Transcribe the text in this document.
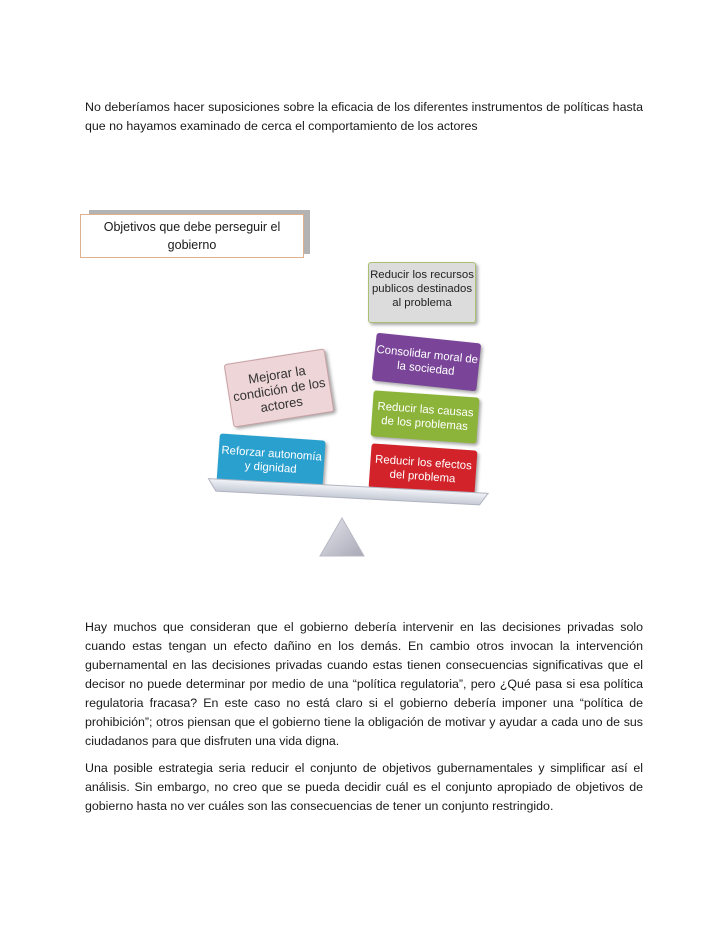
No deberíamos hacer suposiciones sobre la eficacia de los diferentes instrumentos de políticas hasta que no hayamos examinado de cerca el comportamiento de los actores

Objetivos que debe perseguir el gobierno
Reducir los recursos publicos destinados al problema
Consolidar moral de la sociedad
Reducir las causas de los problemas
Mejorar la condición de los actores
Reforzar autonomía y dignidad	Reducir los efectos del problema

Hay muchos que consideran que el gobierno debería intervenir en las decisiones privadas solo cuando estas tengan un efecto dañino en los demás. En cambio otros invocan la intervención gubernamental en las decisiones privadas cuando estas tienen consecuencias significativas que el decisor no puede determinar por medio de una “política regulatoria”, pero ¿Qué pasa si esa política regulatoria fracasa? En este caso no está claro si el gobierno debería imponer una “política de prohibición”; otros piensan que el gobierno tiene la obligación de motivar y ayudar a cada uno de sus ciudadanos para que disfruten una vida digna.

Una posible estrategia seria reducir el conjunto de objetivos gubernamentales y simplificar así el análisis. Sin embargo, no creo que se pueda decidir cuál es el conjunto apropiado de objetivos de gobierno hasta no ver cuáles son las consecuencias de tener un conjunto restringido.
